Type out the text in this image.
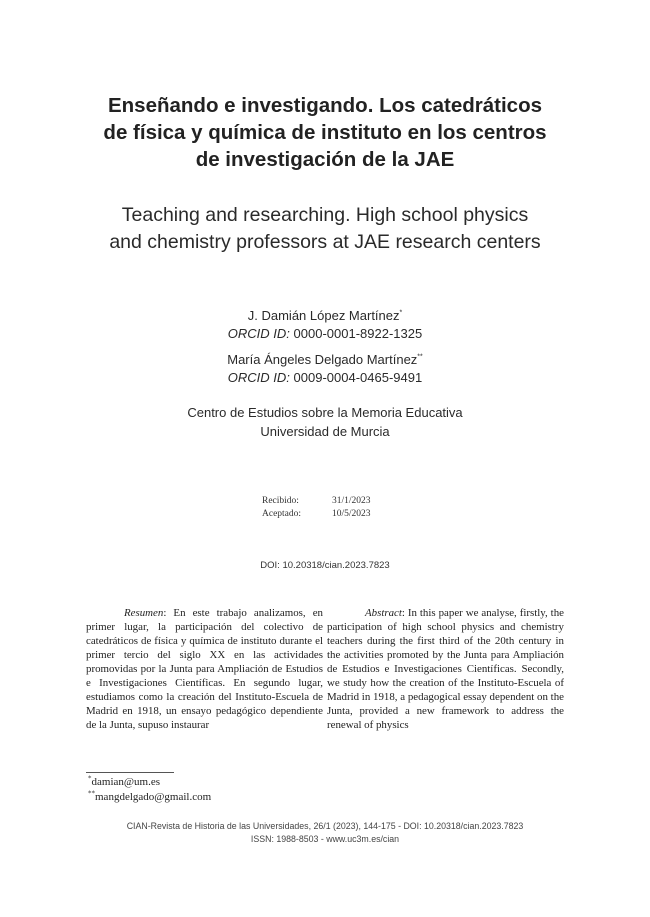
Enseñando e investigando. Los catedráticos
de física y química de instituto en los centros
de investigación de la JAE
Teaching and researching. High school physics
and chemistry professors at JAE research centers
J. Damián López Martínez*
ORCID ID: 0000-0001-8922-1325
María Ángeles Delgado Martínez**
ORCID ID: 0009-0004-0465-9491
Centro de Estudios sobre la Memoria Educativa
Universidad de Murcia
Recibido:	31/1/2023
Aceptado:	10/5/2023
DOI: 10.20318/cian.2023.7823

Resumen: En este trabajo analizamos, en primer lugar, la participación del colectivo de catedráticos de física y química de instituto durante el primer tercio del siglo XX en las actividades promovidas por la Junta para Ampliación de Estudios e Investigaciones Científicas. En segundo lugar, estudiamos como la creación del Instituto-Escuela de Madrid en 1918, un ensayo pedagógico dependiente de la Junta, supuso instaurar

Abstract: In this paper we analyse, firstly, the participation of high school physics and chemistry teachers during the first third of the 20th century in the activities promoted by the Junta para Ampliación de Estudios e Investigaciones Científicas. Secondly, we study how the creation of the Instituto-Escuela of Madrid in 1918, a pedagogical essay dependent on the Junta, provided a new framework to address the renewal of physics

*damian@um.es
**mangdelgado@gmail.com
CIAN-Revista de Historia de las Universidades, 26/1 (2023), 144-175 - DOI: 10.20318/cian.2023.7823
ISSN: 1988-8503 - www.uc3m.es/cian
